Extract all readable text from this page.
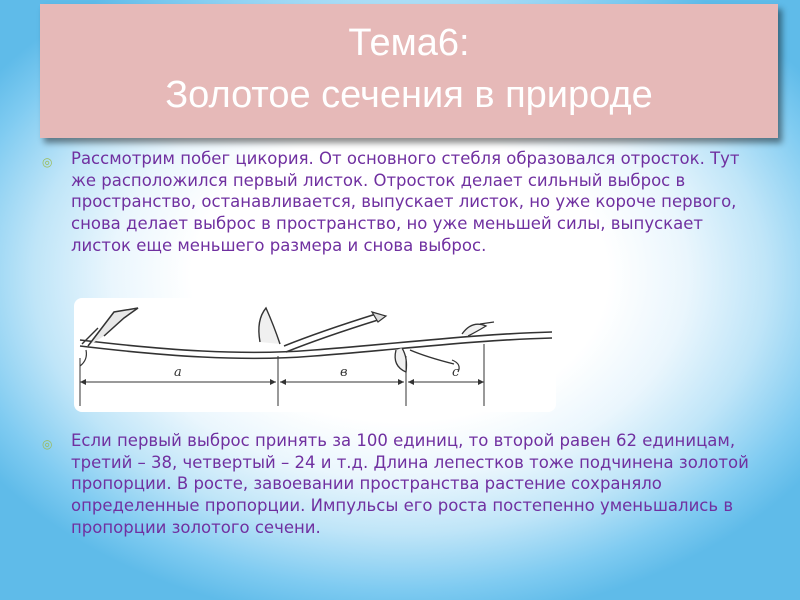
Тема6:
Золотое сечения в природе
◎ Рассмотрим побег цикория. От основного стебля образовался отросток. Тут же расположился первый листок. Отросток делает сильный выброс в пространство, останавливается, выпускает листок, но уже короче первого, снова делает выброс в пространство, но уже меньшей силы, выпускает листок еще меньшего размера и снова выброс.
а	в	с
◎ Если первый выброс принять за 100 единиц, то второй равен 62 единицам, третий – 38, четвертый – 24 и т.д. Длина лепестков тоже подчинена золотой пропорции. В росте, завоевании пространства растение сохраняло определенные пропорции. Импульсы его роста постепенно уменьшались в пропорции золотого сечени.
